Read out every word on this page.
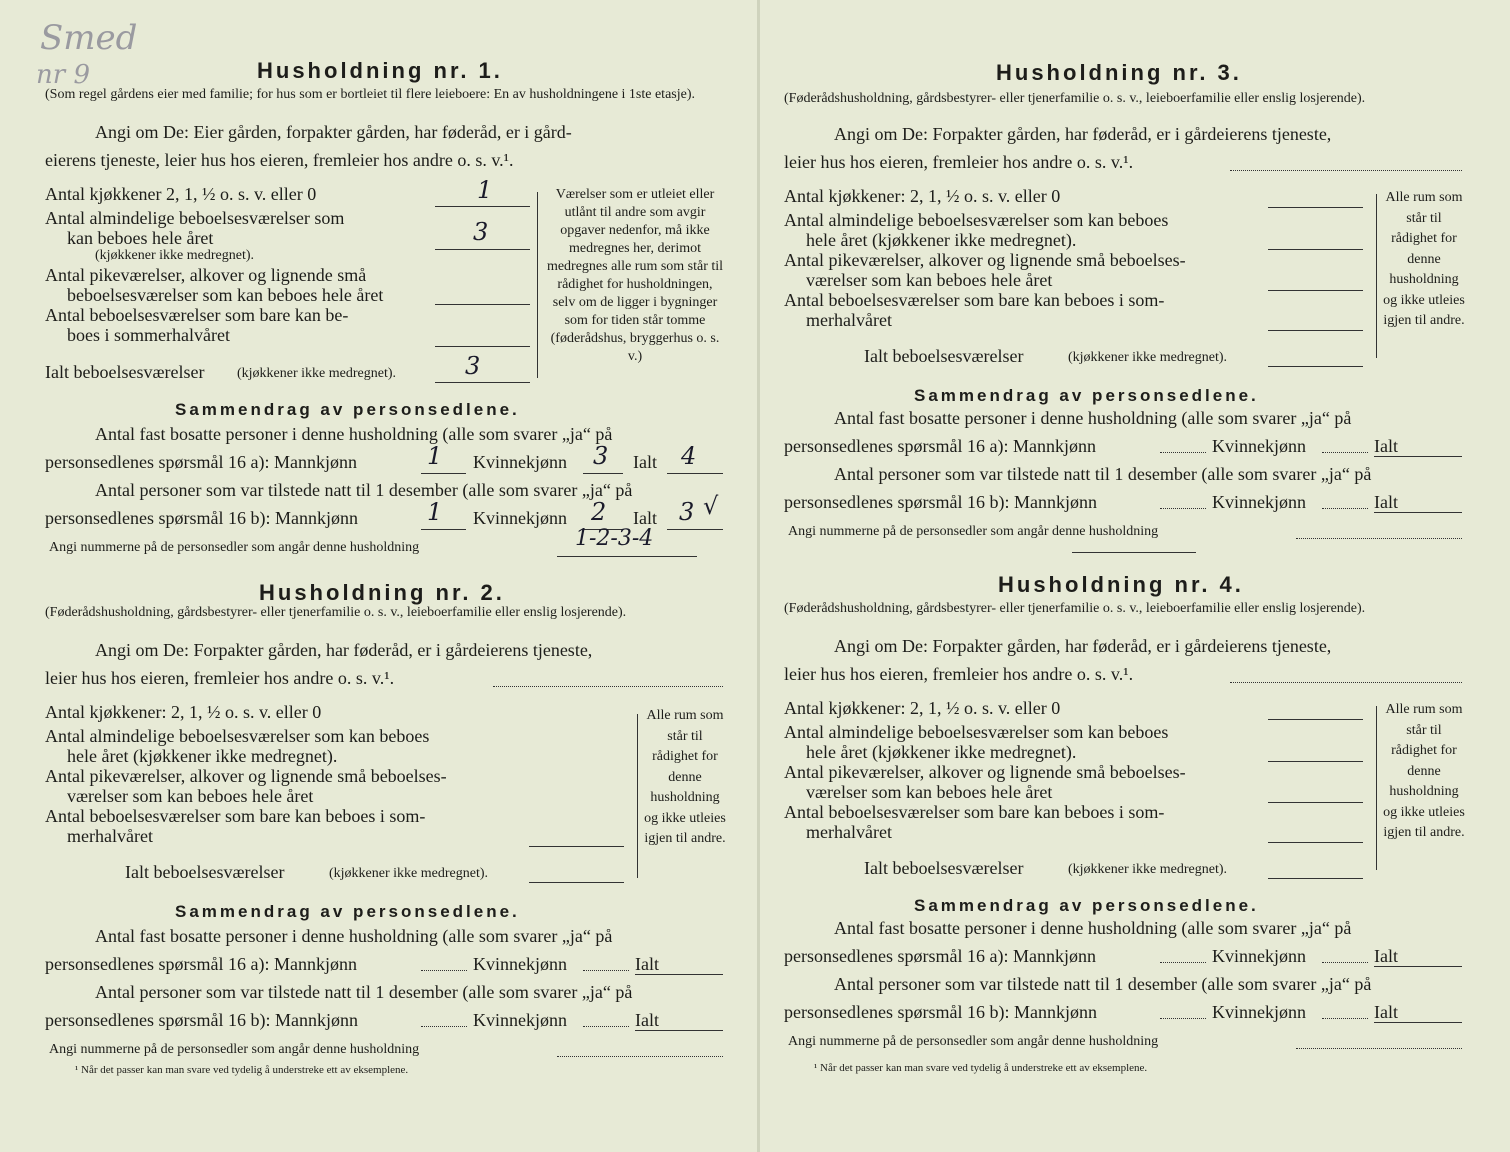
Smed
nr 9	Husholdning nr. 1.
(Som regel gårdens eier med familie; for hus som er bortleiet til flere leieboere: En av husholdningene i 1ste etasje).
Angi om De: Eier gården, forpakter gården, har føderåd, er i gård-
eierens tjeneste, leier hus hos eieren, fremleier hos andre o. s. v.¹.
Antal kjøkkener 2, 1, ½ o. s. v. eller 0	1
Antal almindelige beboelsesværelser som
kan beboes hele året	3
(kjøkkener ikke medregnet).
Antal pikeværelser, alkover og lignende små
beboelsesværelser som kan beboes hele året
Antal beboelsesværelser som bare kan be-
boes i sommerhalvåret
Ialt beboelsesværelser (kjøkkener ikke medregnet).	3
Værelser som er utleiet eller utlånt til andre som avgir opgaver nedenfor, må ikke medregnes her, derimot medregnes alle rum som står til rådighet for husholdningen, selv om de ligger i bygninger som for tiden står tomme (føderådshus, bryggerhus o. s. v.)
Sammendrag av personsedlene.
Antal fast bosatte personer i denne husholdning (alle som svarer „ja“ på
personsedlenes spørsmål 16 a): Mannkjønn	1 Kvinnekjønn 3 Ialt 4
Antal personer som var tilstede natt til 1 desember (alle som svarer „ja“ på
personsedlenes spørsmål 16 b): Mannkjønn	1 Kvinnekjønn 2 Ialt 3 √
Angi nummerne på de personsedler som angår denne husholdning	1-2-3-4
Husholdning nr. 2.
(Føderådshusholdning, gårdsbestyrer- eller tjenerfamilie o. s. v., leieboerfamilie eller enslig losjerende).
Angi om De: Forpakter gården, har føderåd, er i gårdeierens tjeneste,
leier hus hos eieren, fremleier hos andre o. s. v.¹.
Antal kjøkkener: 2, 1, ½ o. s. v. eller 0
Antal almindelige beboelsesværelser som kan beboes
hele året (kjøkkener ikke medregnet).
Antal pikeværelser, alkover og lignende små beboelses-
værelser som kan beboes hele året
Antal beboelsesværelser som bare kan beboes i som-
merhalvåret
Ialt beboelsesværelser	(kjøkkener ikke medregnet).
Alle rum som står til rådighet for denne husholdning og ikke utleies igjen til andre.
Sammendrag av personsedlene.
Antal fast bosatte personer i denne husholdning (alle som svarer „ja“ på
personsedlenes spørsmål 16 a): Mannkjønn	Kvinnekjønn	Ialt
Antal personer som var tilstede natt til 1 desember (alle som svarer „ja“ på
personsedlenes spørsmål 16 b): Mannkjønn	Kvinnekjønn	Ialt
Angi nummerne på de personsedler som angår denne husholdning
¹ Når det passer kan man svare ved tydelig å understreke ett av eksemplene.
Husholdning nr. 3.
(Føderådshusholdning, gårdsbestyrer- eller tjenerfamilie o. s. v., leieboerfamilie eller enslig losjerende).
Angi om De: Forpakter gården, har føderåd, er i gårdeierens tjeneste,
leier hus hos eieren, fremleier hos andre o. s. v.¹.
Antal kjøkkener: 2, 1, ½ o. s. v. eller 0
Antal almindelige beboelsesværelser som kan beboes
hele året (kjøkkener ikke medregnet).
Antal pikeværelser, alkover og lignende små beboelses-
værelser som kan beboes hele året
Antal beboelsesværelser som bare kan beboes i som-
merhalvåret
Ialt beboelsesværelser	(kjøkkener ikke medregnet).
Alle rum som står til rådighet for denne husholdning og ikke utleies igjen til andre.
Sammendrag av personsedlene.
Antal fast bosatte personer i denne husholdning (alle som svarer „ja“ på
personsedlenes spørsmål 16 a): Mannkjønn	Kvinnekjønn	Ialt
Antal personer som var tilstede natt til 1 desember (alle som svarer „ja“ på
personsedlenes spørsmål 16 b): Mannkjønn	Kvinnekjønn	Ialt
Angi nummerne på de personsedler som angår denne husholdning
Husholdning nr. 4.
(Føderådshusholdning, gårdsbestyrer- eller tjenerfamilie o. s. v., leieboerfamilie eller enslig losjerende).
Angi om De: Forpakter gården, har føderåd, er i gårdeierens tjeneste,
leier hus hos eieren, fremleier hos andre o. s. v.¹.
Antal kjøkkener: 2, 1, ½ o. s. v. eller 0
Antal almindelige beboelsesværelser som kan beboes
hele året (kjøkkener ikke medregnet).
Antal pikeværelser, alkover og lignende små beboelses-
værelser som kan beboes hele året
Antal beboelsesværelser som bare kan beboes i som-
merhalvåret
Ialt beboelsesværelser	(kjøkkener ikke medregnet).
Alle rum som står til rådighet for denne husholdning og ikke utleies igjen til andre.
Sammendrag av personsedlene.
Antal fast bosatte personer i denne husholdning (alle som svarer „ja“ på
personsedlenes spørsmål 16 a): Mannkjønn	Kvinnekjønn	Ialt
Antal personer som var tilstede natt til 1 desember (alle som svarer „ja“ på
personsedlenes spørsmål 16 b): Mannkjønn	Kvinnekjønn	Ialt
Angi nummerne på de personsedler som angår denne husholdning
¹ Når det passer kan man svare ved tydelig å understreke ett av eksemplene.
